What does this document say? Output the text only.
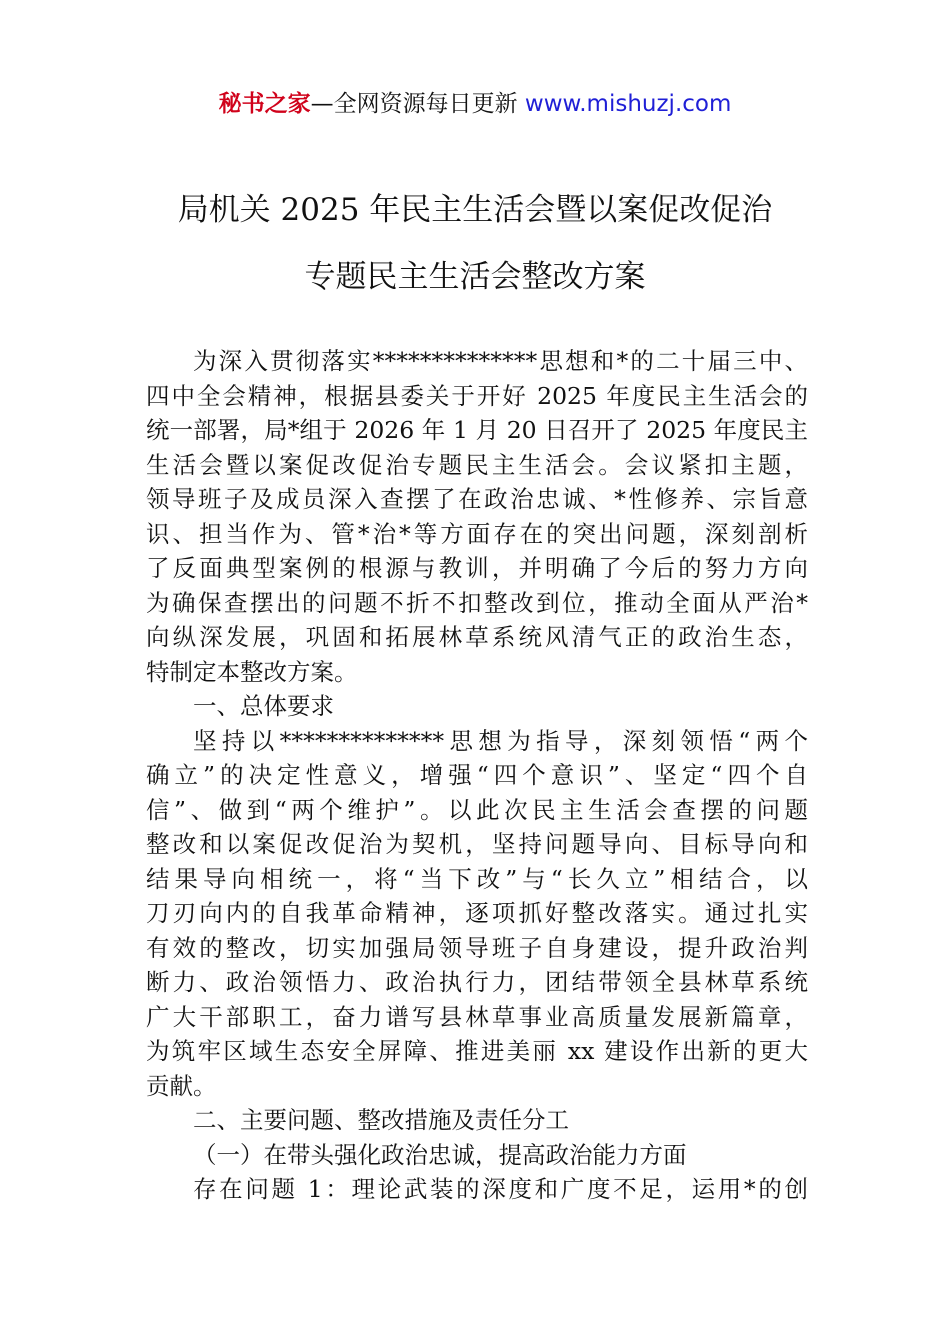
秘书之家—全网资源每日更新 www.mishuzj.com
局机关 2025 年民主生活会暨以案促改促治
专题民主生活会整改方案
为深入贯彻落实**************思想和*的二十届三中、
四中全会精神，根据县委关于开好 2025 年度民主生活会的
统一部署，局*组于 2026 年 1 月 20 日召开了 2025 年度民主
生活会暨以案促改促治专题民主生活会。会议紧扣主题，
领导班子及成员深入查摆了在政治忠诚、*性修养、宗旨意
识、担当作为、管*治*等方面存在的突出问题，深刻剖析
了反面典型案例的根源与教训，并明确了今后的努力方向
为确保查摆出的问题不折不扣整改到位，推动全面从严治*
向纵深发展，巩固和拓展林草系统风清气正的政治生态，
特制定本整改方案。
一、总体要求
坚持以**************思想为指导，深刻领悟“两个
确立”的决定性意义，增强“四个意识”、坚定“四个自
信”、做到“两个维护”。以此次民主生活会查摆的问题
整改和以案促改促治为契机，坚持问题导向、目标导向和
结果导向相统一，将“当下改”与“长久立”相结合，以
刀刃向内的自我革命精神，逐项抓好整改落实。通过扎实
有效的整改，切实加强局领导班子自身建设，提升政治判
断力、政治领悟力、政治执行力，团结带领全县林草系统
广大干部职工，奋力谱写县林草事业高质量发展新篇章，
为筑牢区域生态安全屏障、推进美丽 xx 建设作出新的更大
贡献。
二、主要问题、整改措施及责任分工
（一）在带头强化政治忠诚，提高政治能力方面
存在问题 1：理论武装的深度和广度不足，运用*的创
